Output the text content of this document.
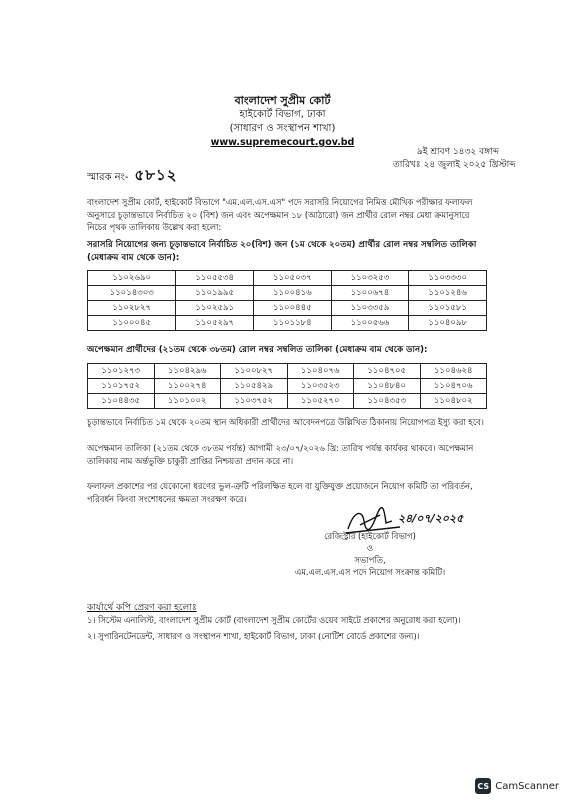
বাংলাদেশ সুপ্রীম কোর্ট
হাইকোর্ট বিভাগ, ঢাকা
(সাধারণ ও সংস্থাপন শাখা)
www.supremecourt.gov.bd
স্মারক নং- ৫৮১২
৯ই শ্রাবণ ১৪৩২ বঙ্গাব্দ
তারিখঃ ২৪ জুলাই ২০২৫ খ্রিস্টাব্দ
বাংলাদেশ সুপ্রীম কোর্ট, হাইকোর্ট বিভাগে "এম.এল.এস.এস" পদে সরাসরি নিয়োগের নিমিত্ত মৌখিক পরীক্ষার ফলাফল অনুসারে চূড়ান্তভাবে নির্বাচিত ২০ (বিশ) জন এবং অপেক্ষমান ১৮ (আঠারো) জন প্রার্থীর রোল নম্বর মেধা ক্রমানুসারে নিচের পৃথক তালিকায় উল্লেখ করা হলো:
সরাসরি নিয়োগের জন্য চূড়ান্তভাবে নির্বাচিত ২০(বিশ) জন (১ম থেকে ২০তম) প্রার্থীর রোল নম্বর সম্বলিত তালিকা (মেধাক্রম বাম থেকে ডান):
১১০২৬৯০	১১০৫৫৩৪	১১০৫০৩৭	১১০৩২৫৩	১১০৩৩৩০
১১০১৪৩০৩	১১০১৯৯৫	১১০০৪১৬	১১০০৬৭৪	১১০১২৪৬
১১০২৮২৭	১১০২৫৯১	১১০০৪৪৫	১১০৩৩৫৯	১১০১৫৮১
১১০০০৪৫	১১০৫২৯৭	১১০১১৮৪	১১০০৫৬৬	১১০৪০৯৮
অপেক্ষমান প্রার্থীদের (২১তম থেকে ৩৮তম) রোল নম্বর সম্বলিত তালিকা (মেধাক্রম বাম থেকে ডান):
১১০১২৭৩	১১০৪২৯৬	১১০০৮২৭	১১০৪০৭৬	১১০৪৭০৫	১১০৪৬২৪
১১০১৭৫২	১১০০২৭৪	১১০৫৪২৯	১১০৩৫২৩	১১০৪৮৪০	১১০৪৭০৬
১১০৪৪৩৫	১১০১০০২	১১০৩৭৫২	১১০৫২৭০	১১০৪৩৫৩	১১০৪৮০২
চূড়ান্তভাবে নির্বাচিত ১ম থেকে ২০তম স্থান অধিকারী প্রার্থীদের আবেদনপত্রে উল্লিখিত ঠিকানায় নিয়োগপত্র ইস্যু করা হবে।
অপেক্ষমান তালিকা (২১তম থেকে ৩৮তম পর্যন্ত) আগামী ২৩/০৭/২০২৬ খ্রি: তারিখ পর্যন্ত কার্যকর থাকবে। অপেক্ষমান তালিকায় নাম অর্ন্তভুক্তি চাকুরী প্রাপ্তির নিশ্চয়তা প্রদান করে না।
ফলাফল প্রকাশের পর যেকোনো ধরণের ভুল-ত্রুটি পরিলক্ষিত হলে বা যুক্তিযুক্ত প্রয়োজনে নিয়োগ কমিটি তা পরিবর্তন, পরিবর্ধন কিংবা সংশোধনের ক্ষমতা সংরক্ষণ করে।
২৪/০৭/২০২৫
রেজিস্ট্রার (হাইকোর্ট বিভাগ)
ও
সভাপতি,
এম.এল.এস.এস পদে নিয়োগ সংক্রান্ত কমিটি।
কার্যার্থে কপি প্রেরণ করা হলোঃ
১। সিস্টেম এনালিস্ট, বাংলাদেশ সুপ্রীম কোর্ট (বাংলাদেশ সুপ্রীম কোর্টের ওয়েব সাইটে প্রকাশের অনুরোধ করা হলো)।
২। সুপারিনটেনডেন্ট, সাধারণ ও সংস্থাপন শাখা, হাইকোর্ট বিভাগ, ঢাকা (নোটিশ বোর্ডে প্রকাশের জন্য)।
CS CamScanner
